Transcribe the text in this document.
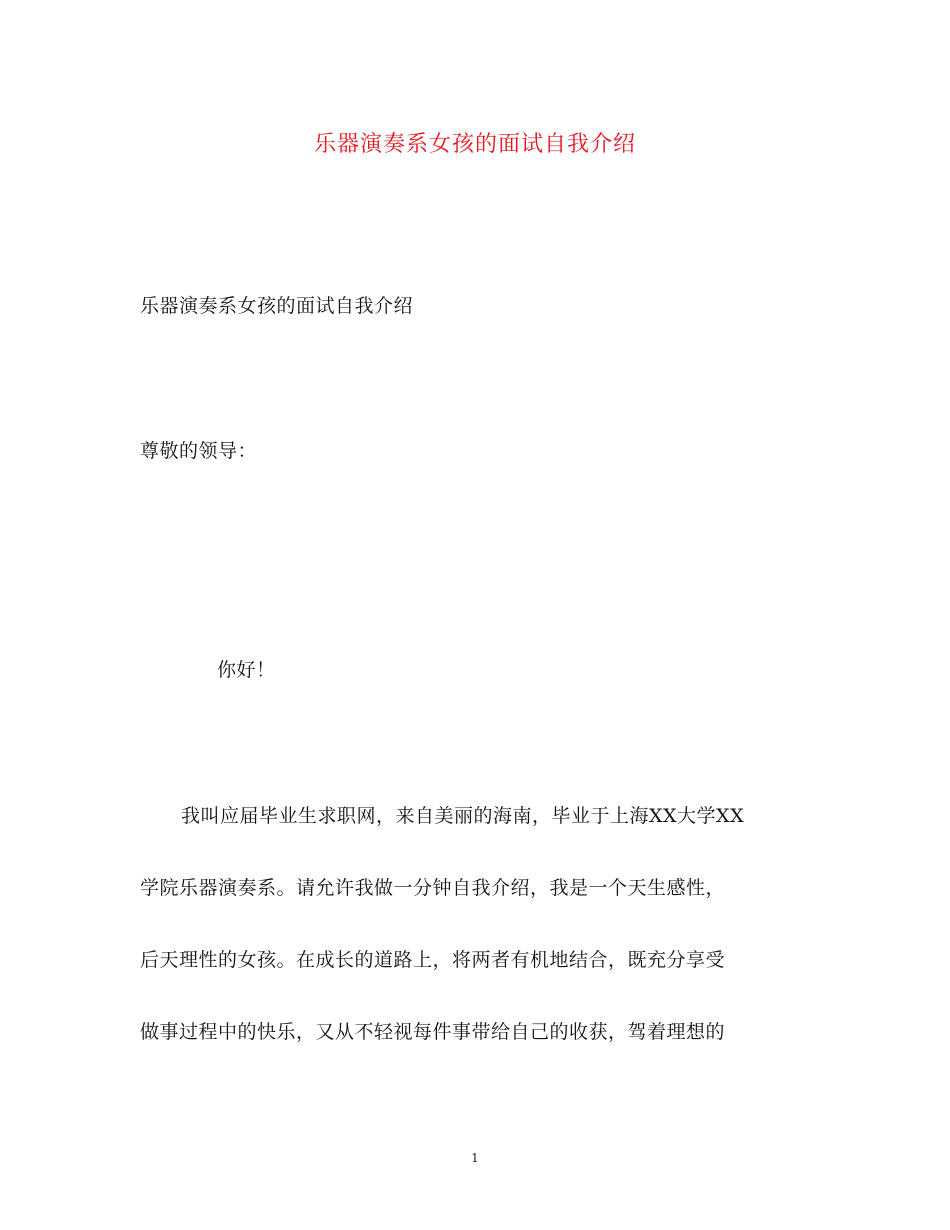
乐器演奏系女孩的面试自我介绍
乐器演奏系女孩的面试自我介绍
尊敬的领导：
你好！
我叫应届毕业生求职网，来自美丽的海南，毕业于上海XX大学XX
学院乐器演奏系。请允许我做一分钟自我介绍，我是一个天生感性，
后天理性的女孩。在成长的道路上，将两者有机地结合，既充分享受
做事过程中的快乐，又从不轻视每件事带给自己的收获，驾着理想的
1
